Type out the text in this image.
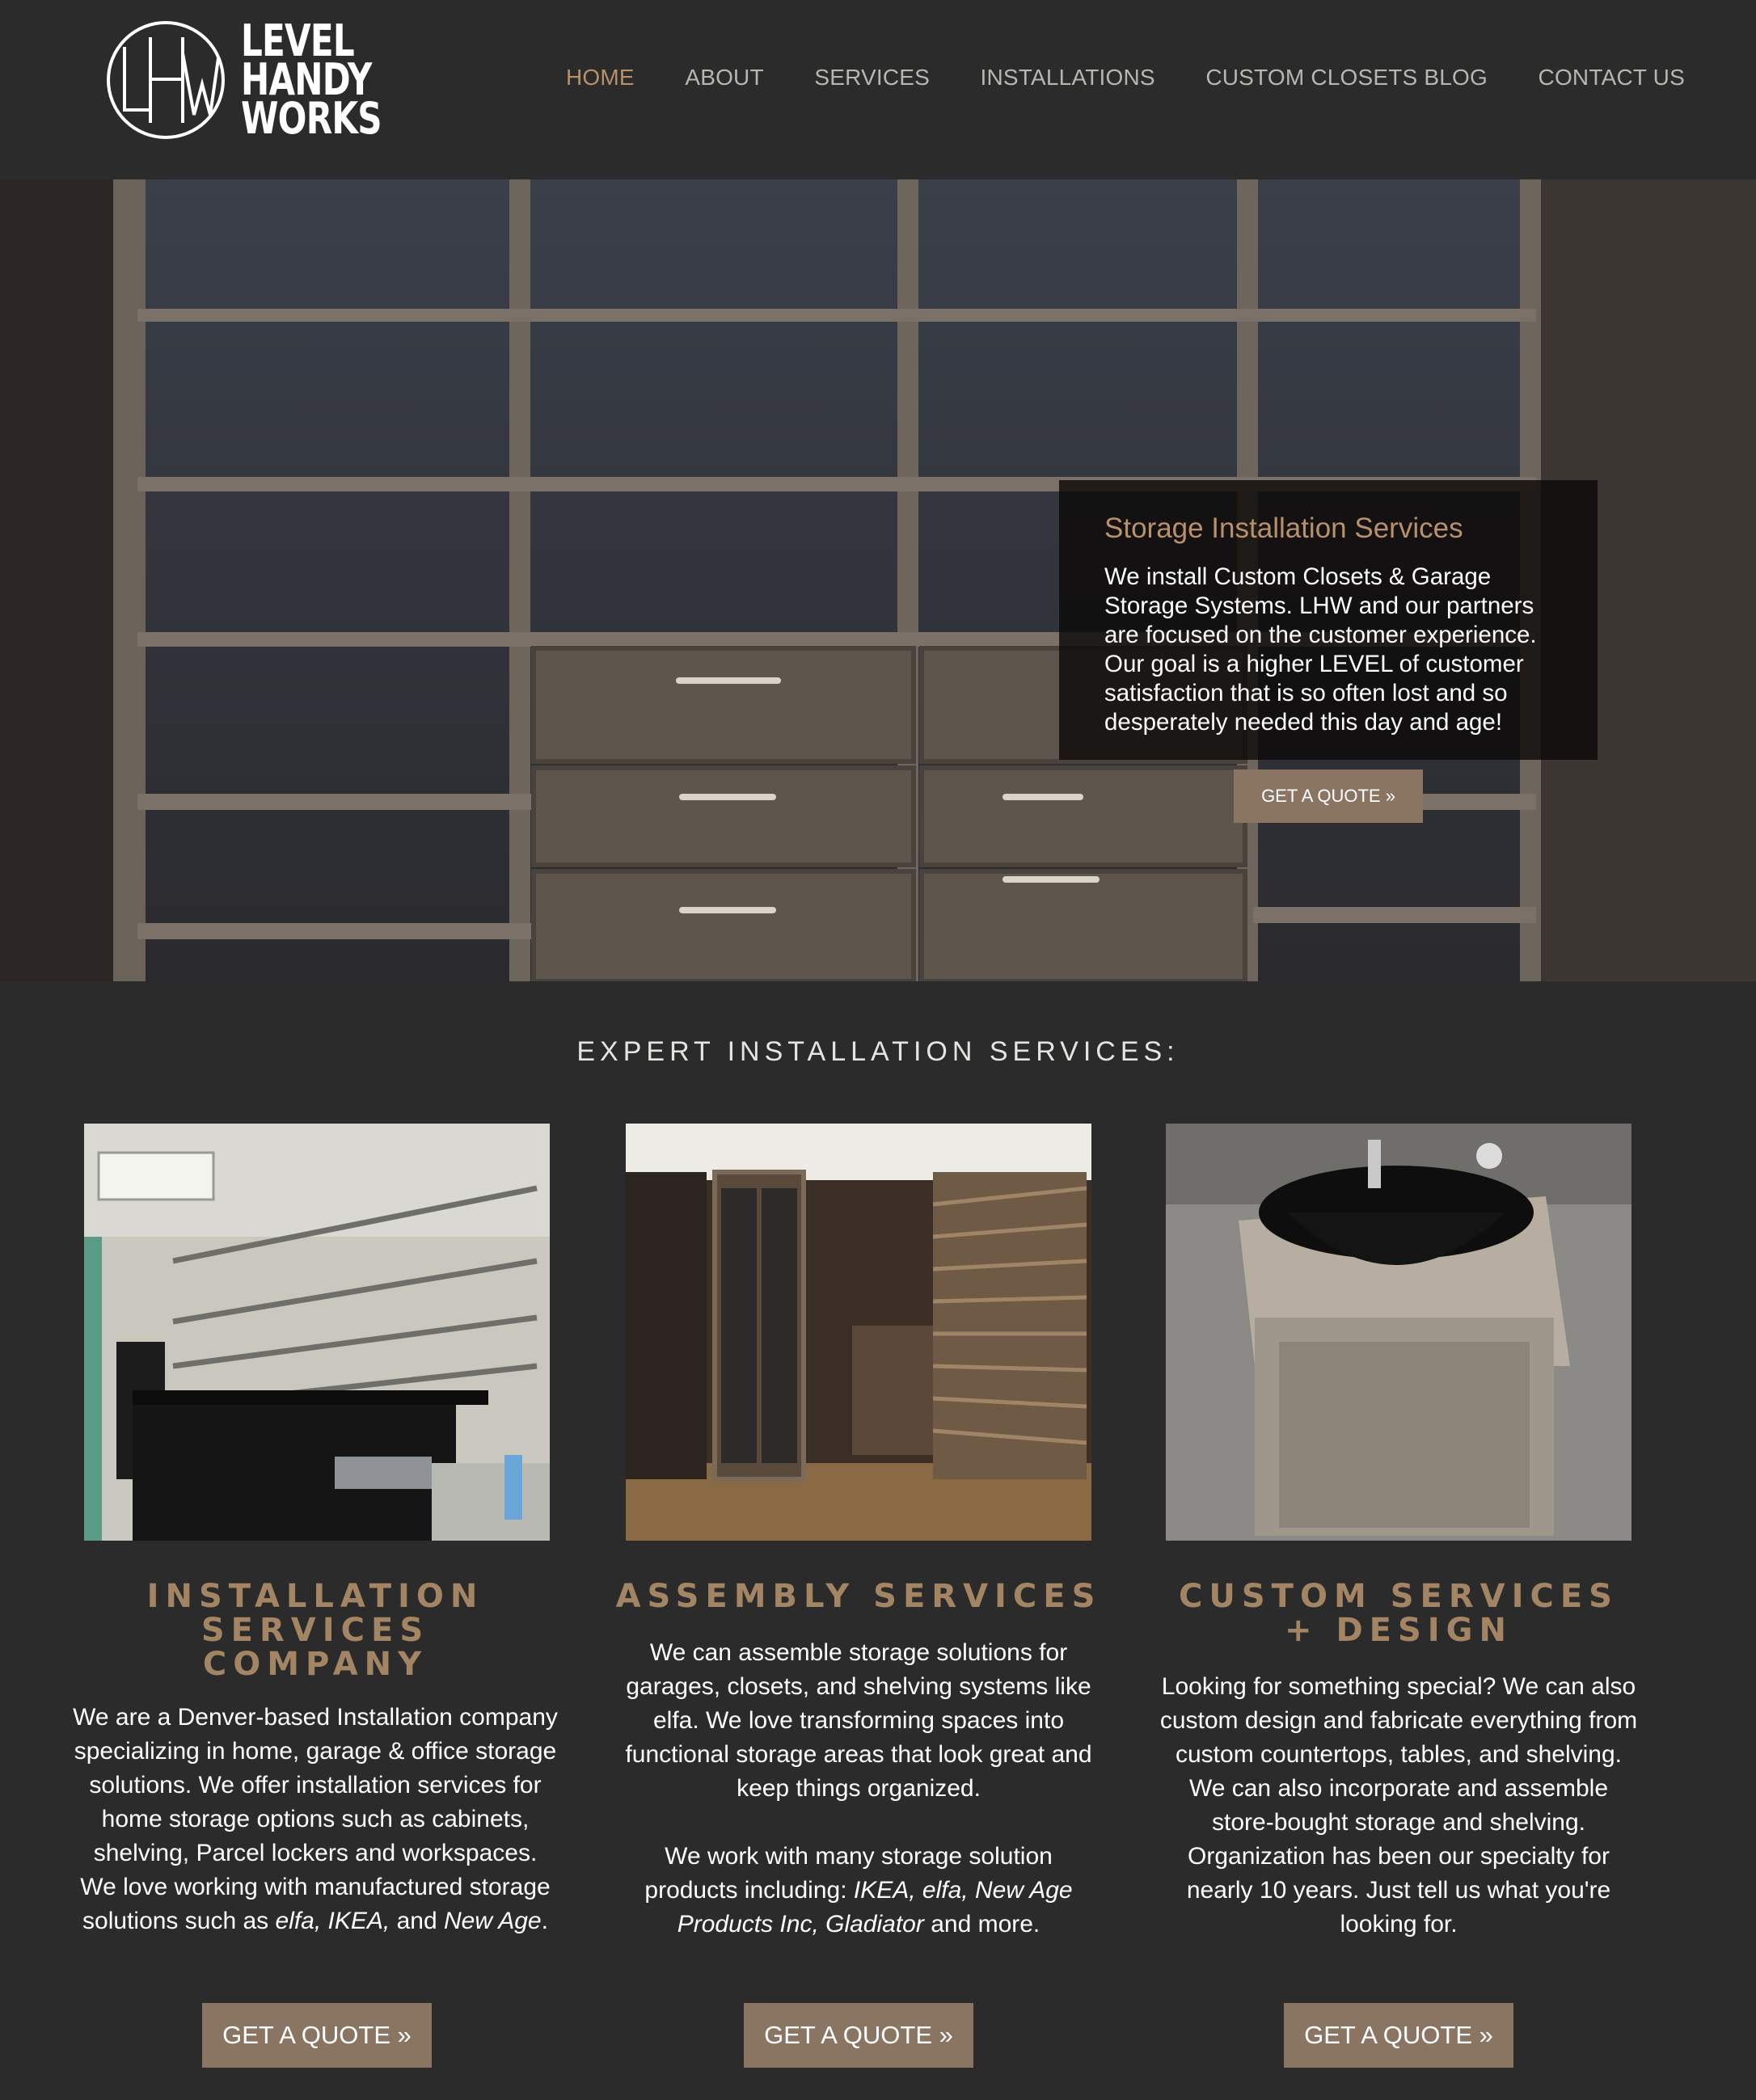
LEVEL
HANDY
WORKS
HOME ABOUT SERVICES INSTALLATIONS CUSTOM CLOSETS BLOG CONTACT US
Storage Installation Services
We install Custom Closets & Garage Storage Systems. LHW and our partners are focused on the customer experience. Our goal is a higher LEVEL of customer satisfaction that is so often lost and so desperately needed this day and age!
GET A QUOTE »
EXPERT INSTALLATION SERVICES:
INSTALLATION
SERVICES
COMPANY

We are a Denver-based Installation company specializing in home, garage & office storage solutions. We offer installation services for home storage options such as cabinets, shelving, Parcel lockers and workspaces. We love working with manufactured storage solutions such as elfa, IKEA, and New Age.

GET A QUOTE »
ASSEMBLY SERVICES

We can assemble storage solutions for garages, closets, and shelving systems like elfa. We love transforming spaces into functional storage areas that look great and keep things organized.

We work with many storage solution products including: IKEA, elfa, New Age Products Inc, Gladiator and more.

GET A QUOTE »
CUSTOM SERVICES
+ DESIGN

Looking for something special? We can also custom design and fabricate everything from custom countertops, tables, and shelving. We can also incorporate and assemble store-bought storage and shelving. Organization has been our specialty for nearly 10 years. Just tell us what you're looking for.

GET A QUOTE »
